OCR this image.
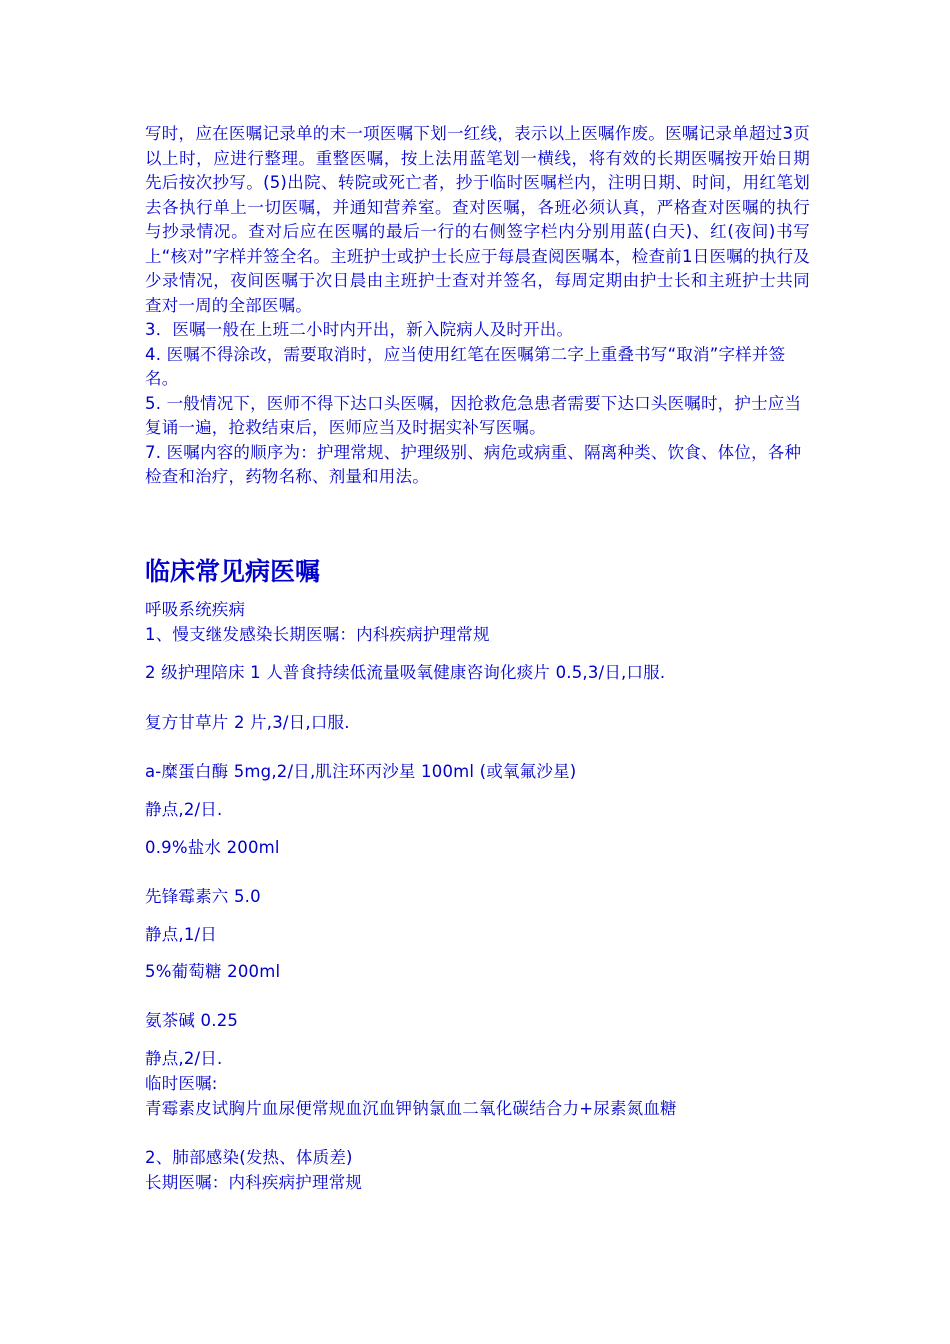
写时，应在医嘱记录单的末一项医嘱下划一红线，表示以上医嘱作废。医嘱记录单超过3页以上时，应进行整理。重整医嘱，按上法用蓝笔划一横线，将有效的长期医嘱按开始日期先后按次抄写。(5)出院、转院或死亡者，抄于临时医嘱栏内，注明日期、时间，用红笔划去各执行单上一切医嘱，并通知营养室。查对医嘱，各班必须认真，严格查对医嘱的执行与抄录情况。查对后应在医嘱的最后一行的右侧签字栏内分别用蓝(白天)、红(夜间)书写上“核对”字样并签全名。主班护士或护士长应于每晨查阅医嘱本，检查前1日医嘱的执行及少录情况，夜间医嘱于次日晨由主班护士查对并签名，每周定期由护士长和主班护士共同查对一周的全部医嘱。

3．医嘱一般在上班二小时内开出，新入院病人及时开出。

4. 医嘱不得涂改，需要取消时，应当使用红笔在医嘱第二字上重叠书写“取消”字样并签名。

5. 一般情况下，医师不得下达口头医嘱，因抢救危急患者需要下达口头医嘱时，护士应当复诵一遍，抢救结束后，医师应当及时据实补写医嘱。

7. 医嘱内容的顺序为：护理常规、护理级别、病危或病重、隔离种类、饮食、体位，各种检查和治疗，药物名称、剂量和用法。

临床常见病医嘱

呼吸系统疾病

1、慢支继发感染长期医嘱：内科疾病护理常规

2 级护理陪床 1 人普食持续低流量吸氧健康咨询化痰片 0.5,3/日,口服.

复方甘草片 2 片,3/日,口服.

a-糜蛋白酶 5mg,2/日,肌注环丙沙星 100ml (或氧氟沙星)

静点,2/日.

0.9%盐水 200ml

先锋霉素六 5.0

静点,1/日

5%葡萄糖 200ml

氨茶碱 0.25

静点,2/日.

临时医嘱:

青霉素皮试胸片血尿便常规血沉血钾钠氯血二氧化碳结合力+尿素氮血糖

2、肺部感染(发热、体质差)

长期医嘱：内科疾病护理常规
